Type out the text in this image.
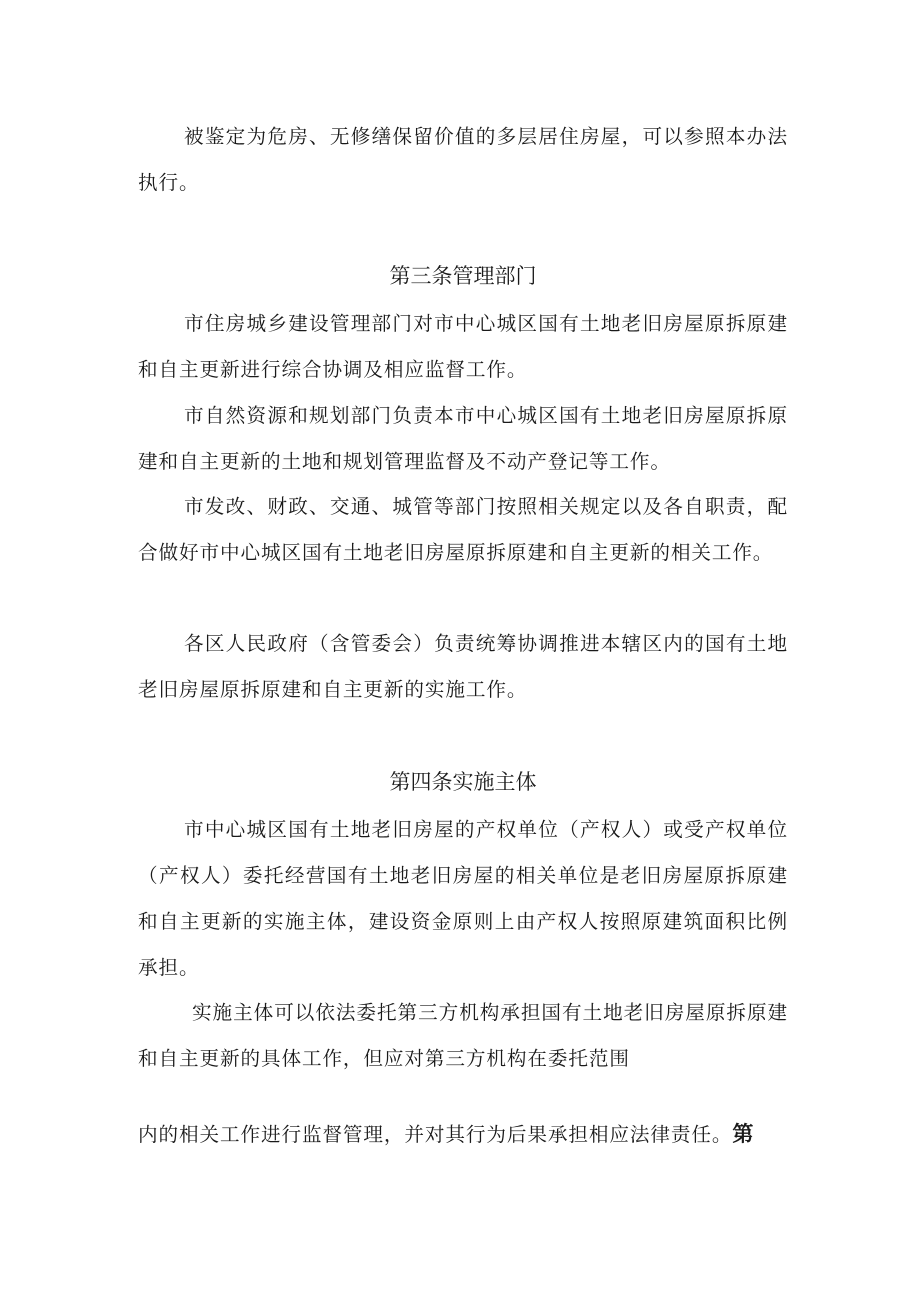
被鉴定为危房、无修缮保留价值的多层居住房屋，可以参照本办法执行。

第三条管理部门

市住房城乡建设管理部门对市中心城区国有土地老旧房屋原拆原建和自主更新进行综合协调及相应监督工作。

市自然资源和规划部门负责本市中心城区国有土地老旧房屋原拆原建和自主更新的土地和规划管理监督及不动产登记等工作。

市发改、财政、交通、城管等部门按照相关规定以及各自职责，配合做好市中心城区国有土地老旧房屋原拆原建和自主更新的相关工作。

各区人民政府（含管委会）负责统筹协调推进本辖区内的国有土地老旧房屋原拆原建和自主更新的实施工作。

第四条实施主体

市中心城区国有土地老旧房屋的产权单位（产权人）或受产权单位（产权人）委托经营国有土地老旧房屋的相关单位是老旧房屋原拆原建和自主更新的实施主体，建设资金原则上由产权人按照原建筑面积比例承担。

实施主体可以依法委托第三方机构承担国有土地老旧房屋原拆原建和自主更新的具体工作，但应对第三方机构在委托范围

内的相关工作进行监督管理，并对其行为后果承担相应法律责任。第
